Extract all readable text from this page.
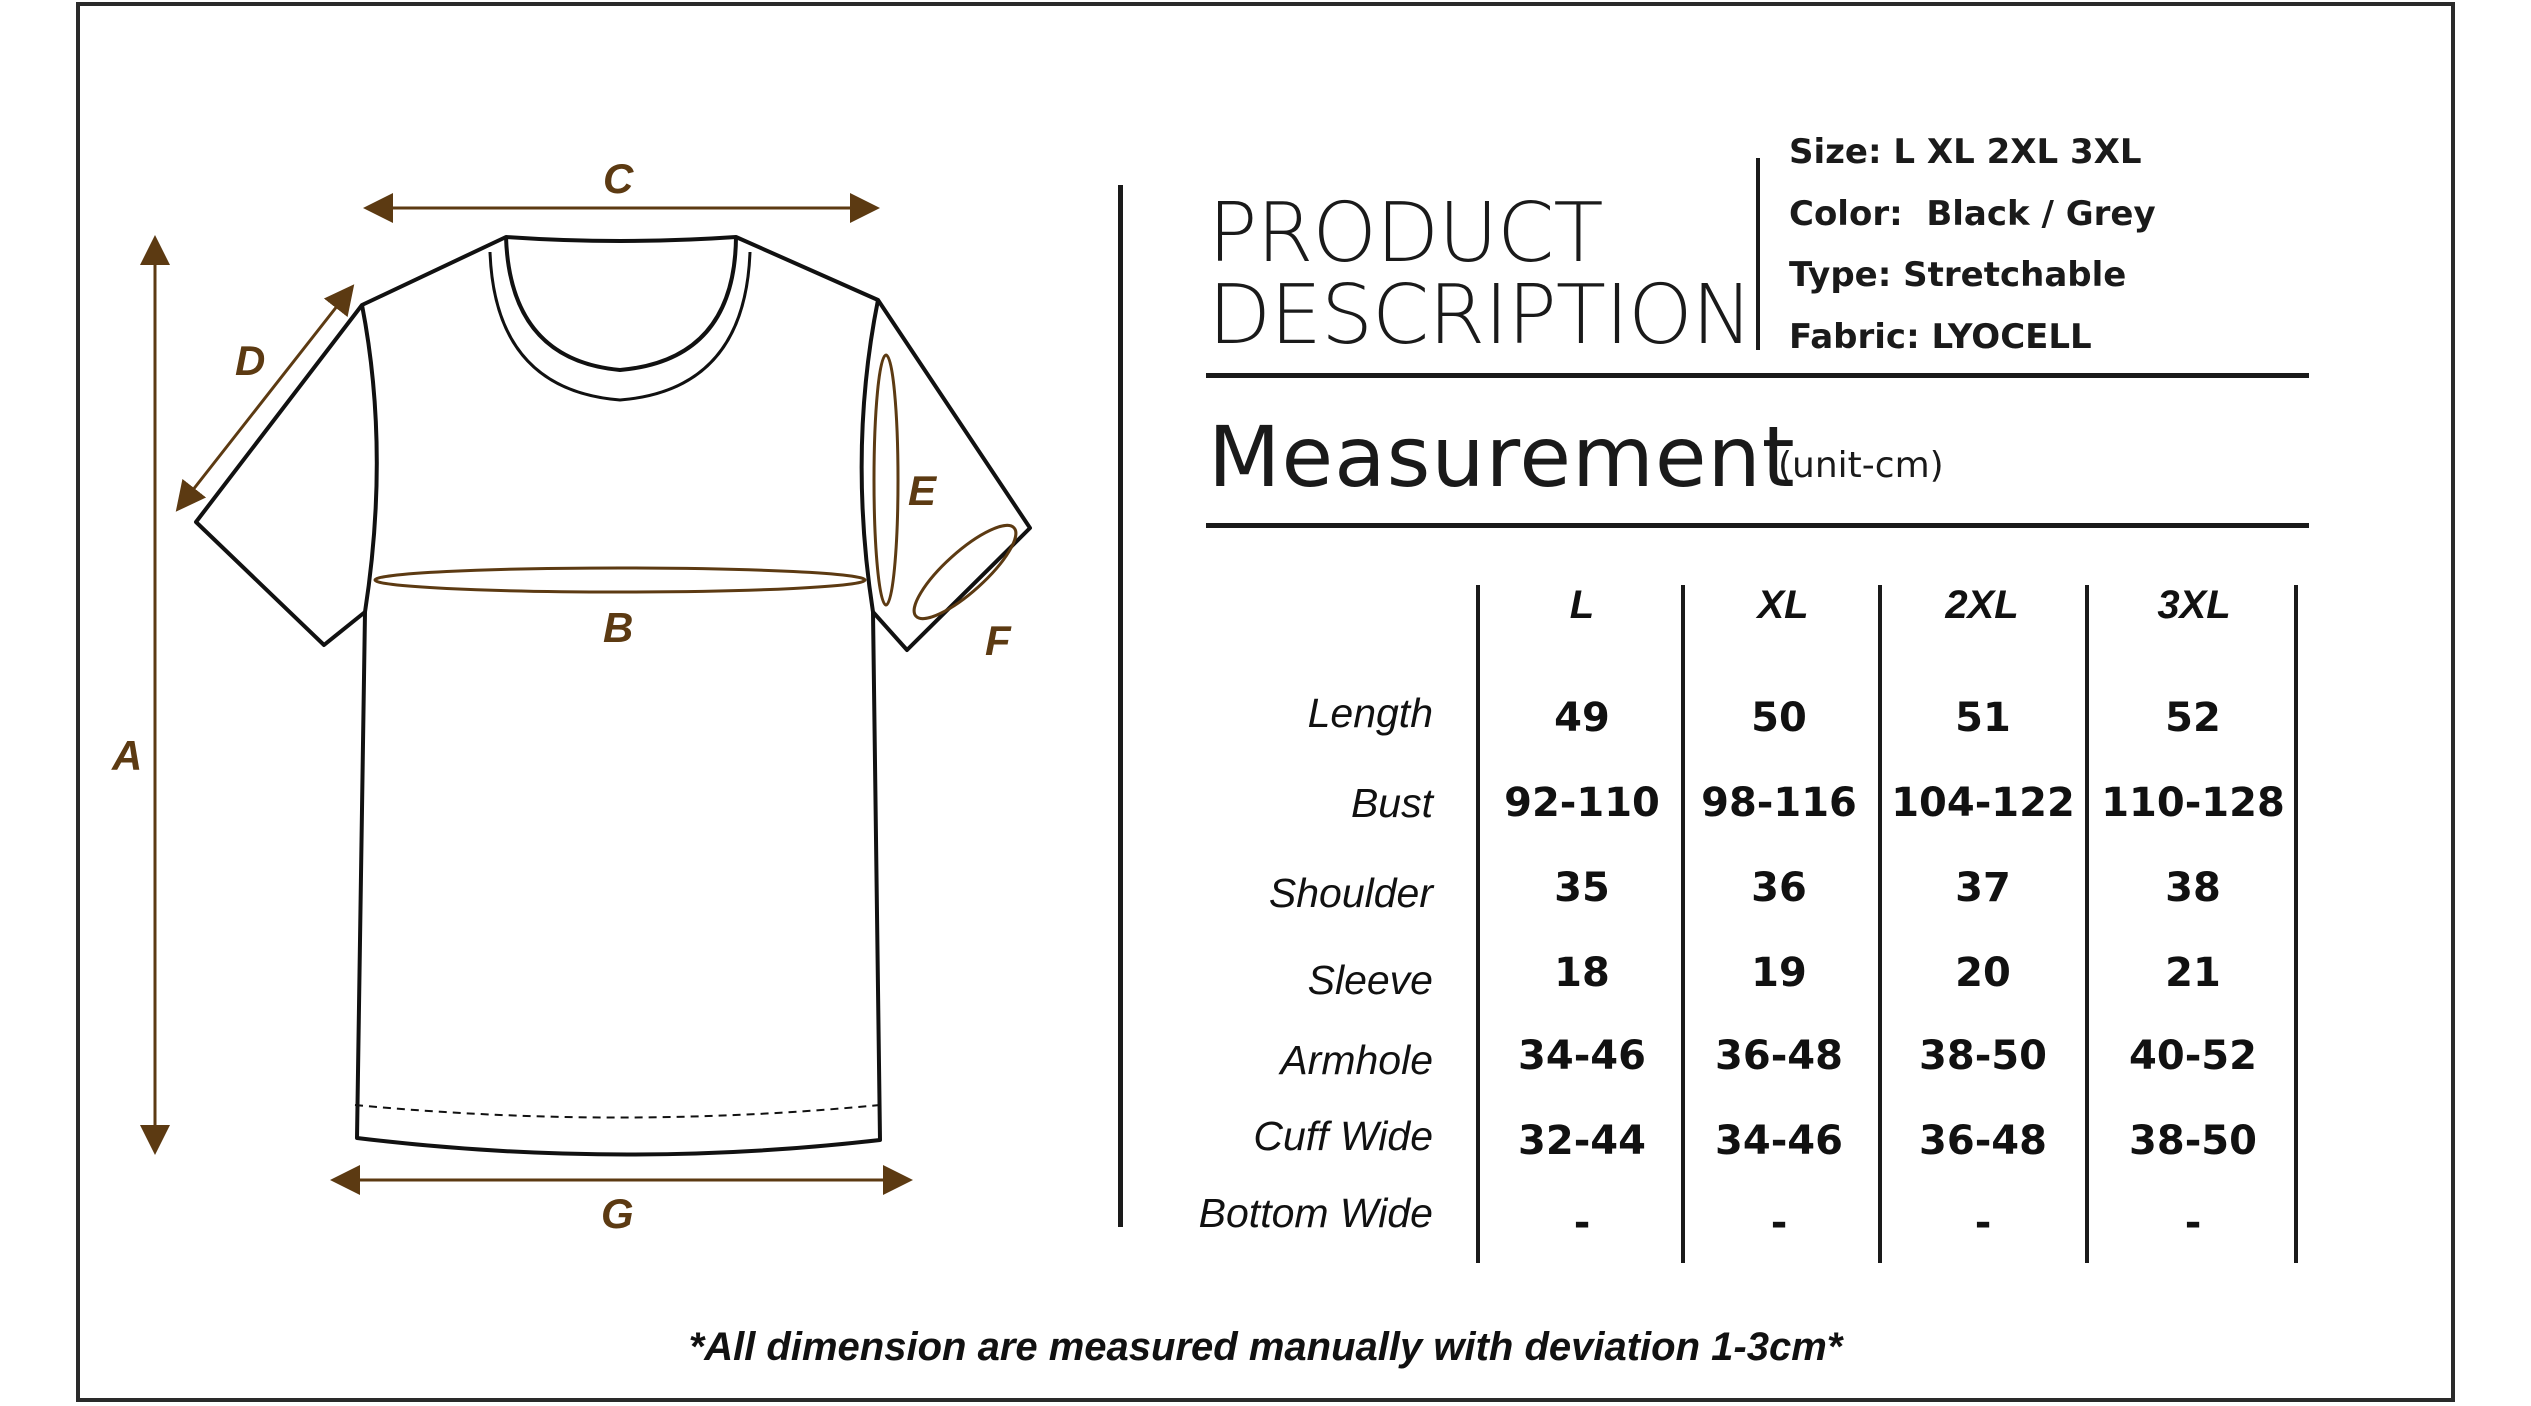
A
B
C
D
E
F
G
PRODUCT
DESCRIPTION
Size: L XL 2XL 3XL
Color:  Black / Grey
Type: Stretchable
Fabric: LYOCELL
Measurement
(unit-cm)
L	XL	2XL	3XL
Length	49	50	51	52
Bust	92-110	98-116 104-122 110-128
Shoulder	35	36	37	38
Sleeve	18	19	20	21
Armhole	34-46	36-48	38-50	40-52
Cuff Wide	32-44	34-46	36-48	38-50
Bottom Wide	-	-	-	-
*All dimension are measured manually with deviation 1-3cm*
